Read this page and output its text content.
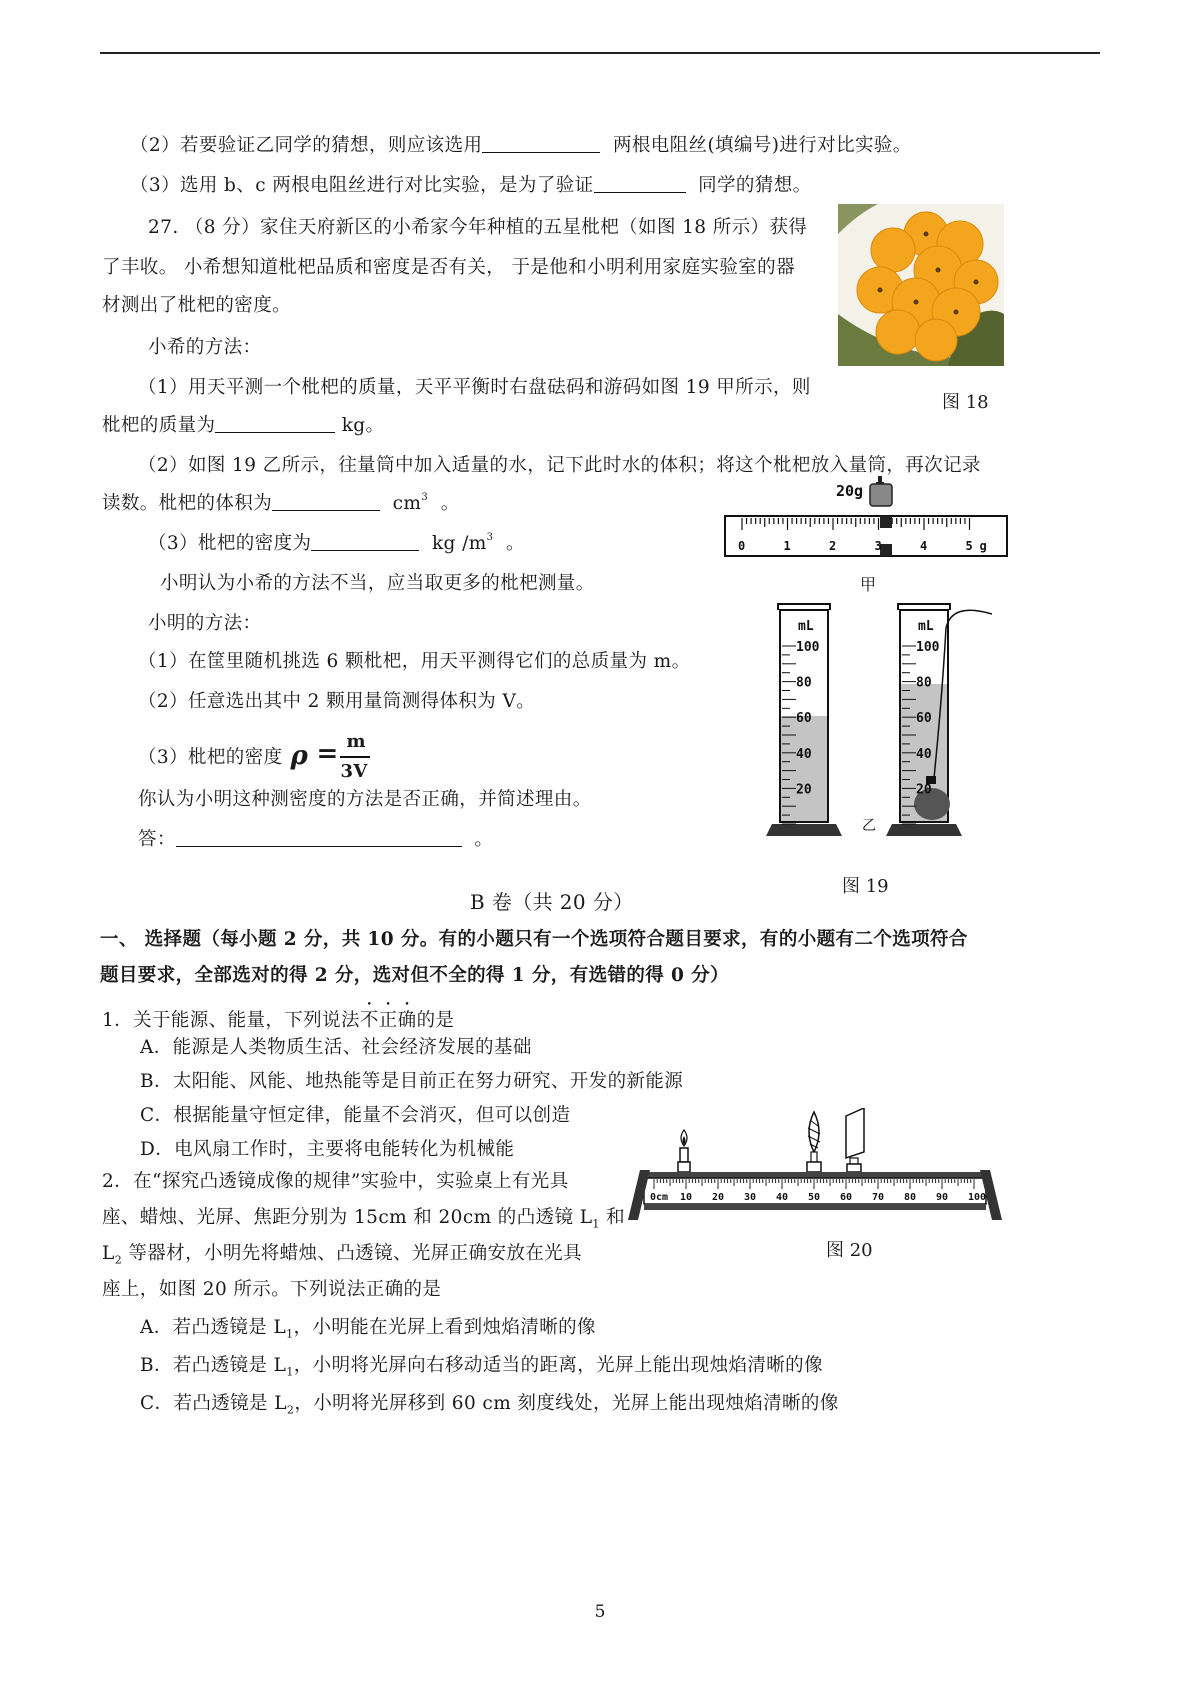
（2）若要验证乙同学的猜想，则应该选用	两根电阻丝(填编号)进行对比实验。
（3）选用 b、c 两根电阻丝进行对比实验，是为了验证	同学的猜想。
27. （8 分）家住天府新区的小希家今年种植的五星枇杷（如图 18 所示）获得
了丰收。 小希想知道枇杷品质和密度是否有关， 于是他和小明利用家庭实验室的器
材测出了枇杷的密度。
小希的方法：
（1）用天平测一个枇杷的质量，天平平衡时右盘砝码和游码如图 19 甲所示，则
枇杷的质量为	kg。
（2）如图 19 乙所示，往量筒中加入适量的水，记下此时水的体积；将这个枇杷放入量筒，再次记录
读数。枇杷的体积为	$cm^3$ 。
（3）枇杷的密度为	kg $/m^3$ 。
小明认为小希的方法不当，应当取更多的枇杷测量。
小明的方法：
（1）在筐里随机挑选 6 颗枇杷，用天平测得它们的总质量为 m。
（2）任意选出其中 2 颗用量筒测得体积为 V。
（3）枇杷的密度 ρ = m
3V
你认为小明这种测密度的方法是否正确，并简述理由。
答：	。
图 18
20g
0	1	2	3	4	5 g
甲
mL
100
80
60
40
20
mL
100
80
60
40
20
乙
图 19
B 卷（共 20 分）
一、 选择题（每小题 2 分，共 10 分。有的小题只有一个选项符合题目要求，有的小题有二个选项符合
题目要求，全部选对的得 2 分，选对但不全的得 1 分，有选错的得 0 分）
1．关于能源、能量，下列说法不正确的是
A．能源是人类物质生活、社会经济发展的基础
B．太阳能、风能、地热能等是目前正在努力研究、开发的新能源
C．根据能量守恒定律，能量不会消灭，但可以创造
D．电风扇工作时，主要将电能转化为机械能
2．在“探究凸透镜成像的规律”实验中，实验桌上有光具
座、蜡烛、光屏、焦距分别为 15cm 和 20cm 的凸透镜 $L_1$ 和
$L_2$ 等器材，小明先将蜡烛、凸透镜、光屏正确安放在光具
座上，如图 20 所示。下列说法正确的是
A．若凸透镜是 $L_1$，小明能在光屏上看到烛焰清晰的像
B．若凸透镜是 $L_1$，小明将光屏向右移动适当的距离，光屏上能出现烛焰清晰的像
C．若凸透镜是 $L_2$，小明将光屏移到 60 cm 刻度线处，光屏上能出现烛焰清晰的像
0cm 10 20 30 40 50 60 70 80 90 100
图 20
5
